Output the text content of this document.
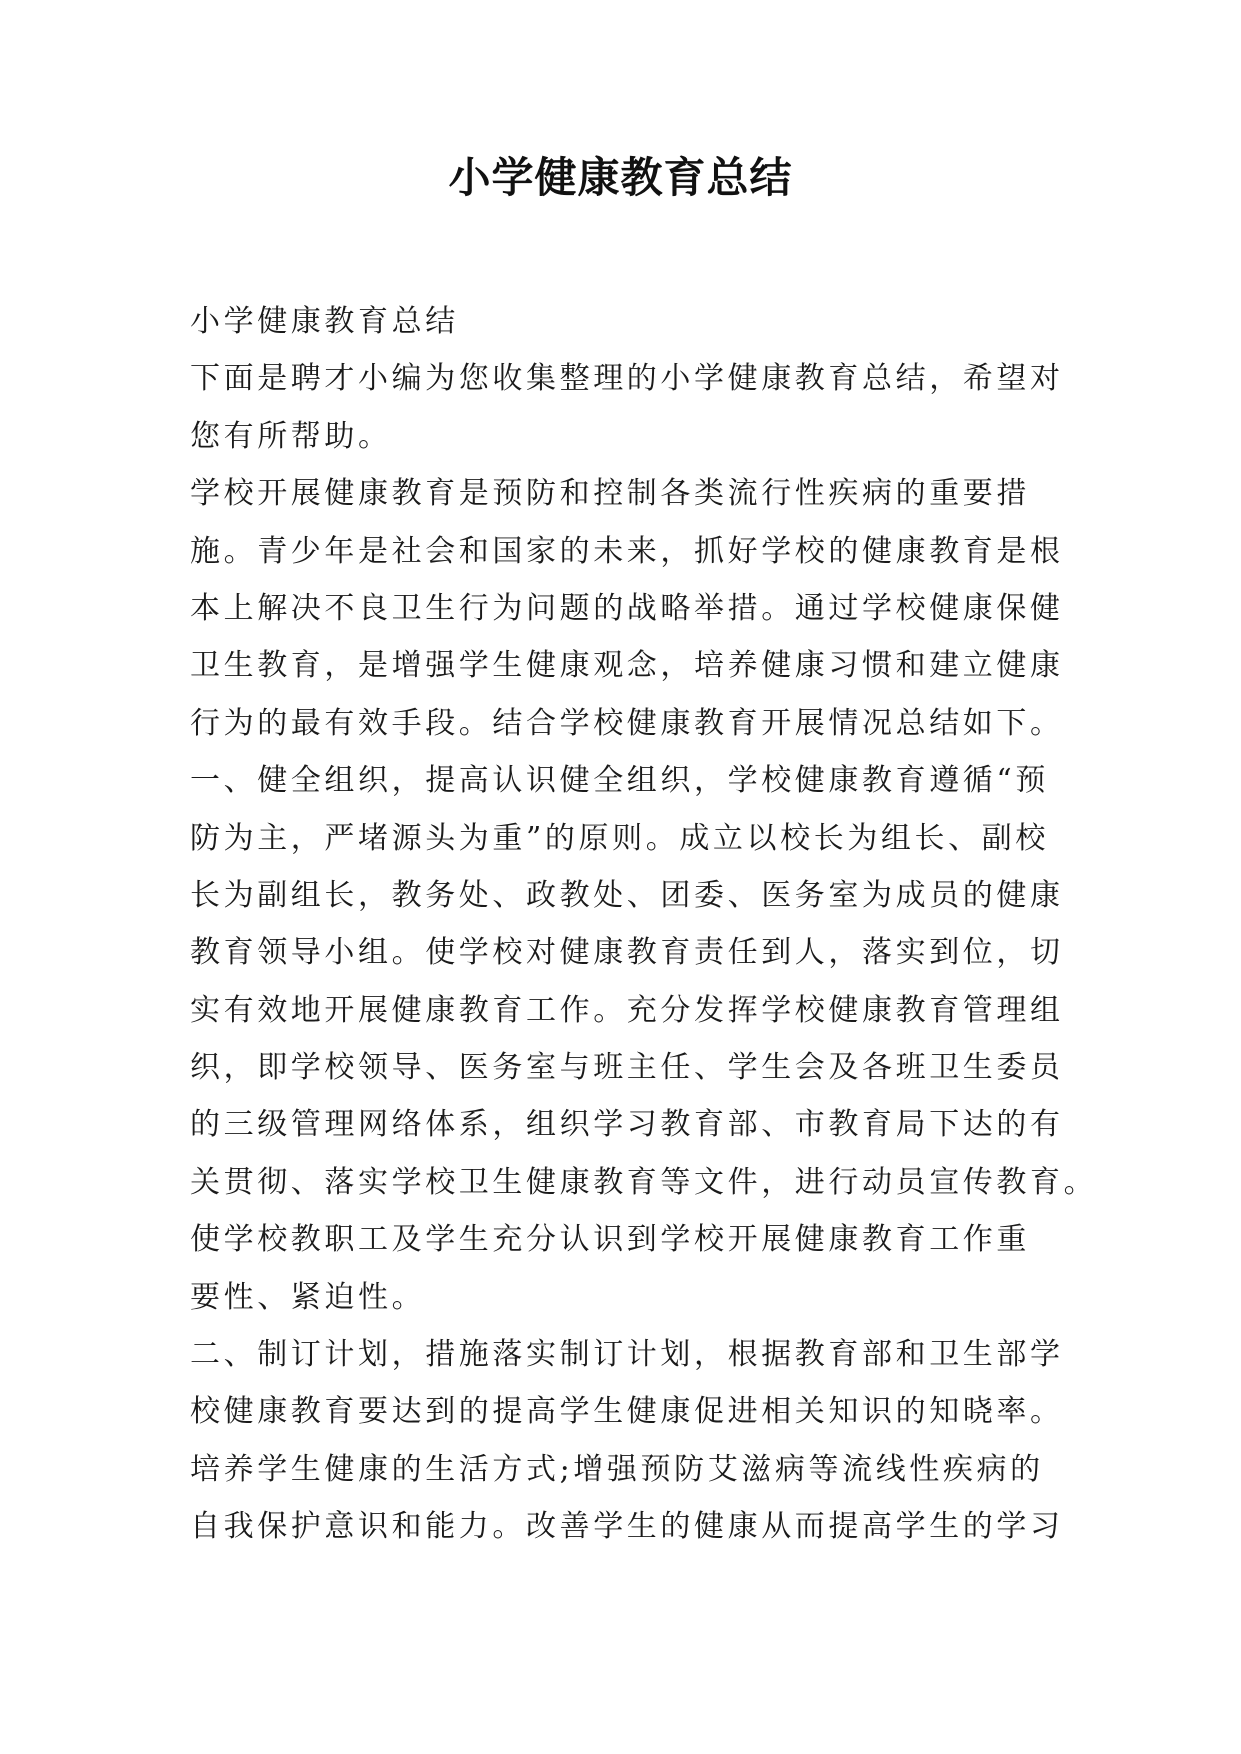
小学健康教育总结
小学健康教育总结
下面是聘才小编为您收集整理的小学健康教育总结，希望对
您有所帮助。
学校开展健康教育是预防和控制各类流行性疾病的重要措
施。青少年是社会和国家的未来，抓好学校的健康教育是根
本上解决不良卫生行为问题的战略举措。通过学校健康保健
卫生教育，是增强学生健康观念，培养健康习惯和建立健康
行为的最有效手段。结合学校健康教育开展情况总结如下。
一、健全组织，提高认识健全组织，学校健康教育遵循“预
防为主，严堵源头为重”的原则。成立以校长为组长、副校
长为副组长，教务处、政教处、团委、医务室为成员的健康
教育领导小组。使学校对健康教育责任到人，落实到位，切
实有效地开展健康教育工作。充分发挥学校健康教育管理组
织，即学校领导、医务室与班主任、学生会及各班卫生委员
的三级管理网络体系，组织学习教育部、市教育局下达的有
关贯彻、落实学校卫生健康教育等文件，进行动员宣传教育。
使学校教职工及学生充分认识到学校开展健康教育工作重
要性、紧迫性。
二、制订计划，措施落实制订计划，根据教育部和卫生部学
校健康教育要达到的提高学生健康促进相关知识的知晓率。
培养学生健康的生活方式;增强预防艾滋病等流线性疾病的
自我保护意识和能力。改善学生的健康从而提高学生的学习
